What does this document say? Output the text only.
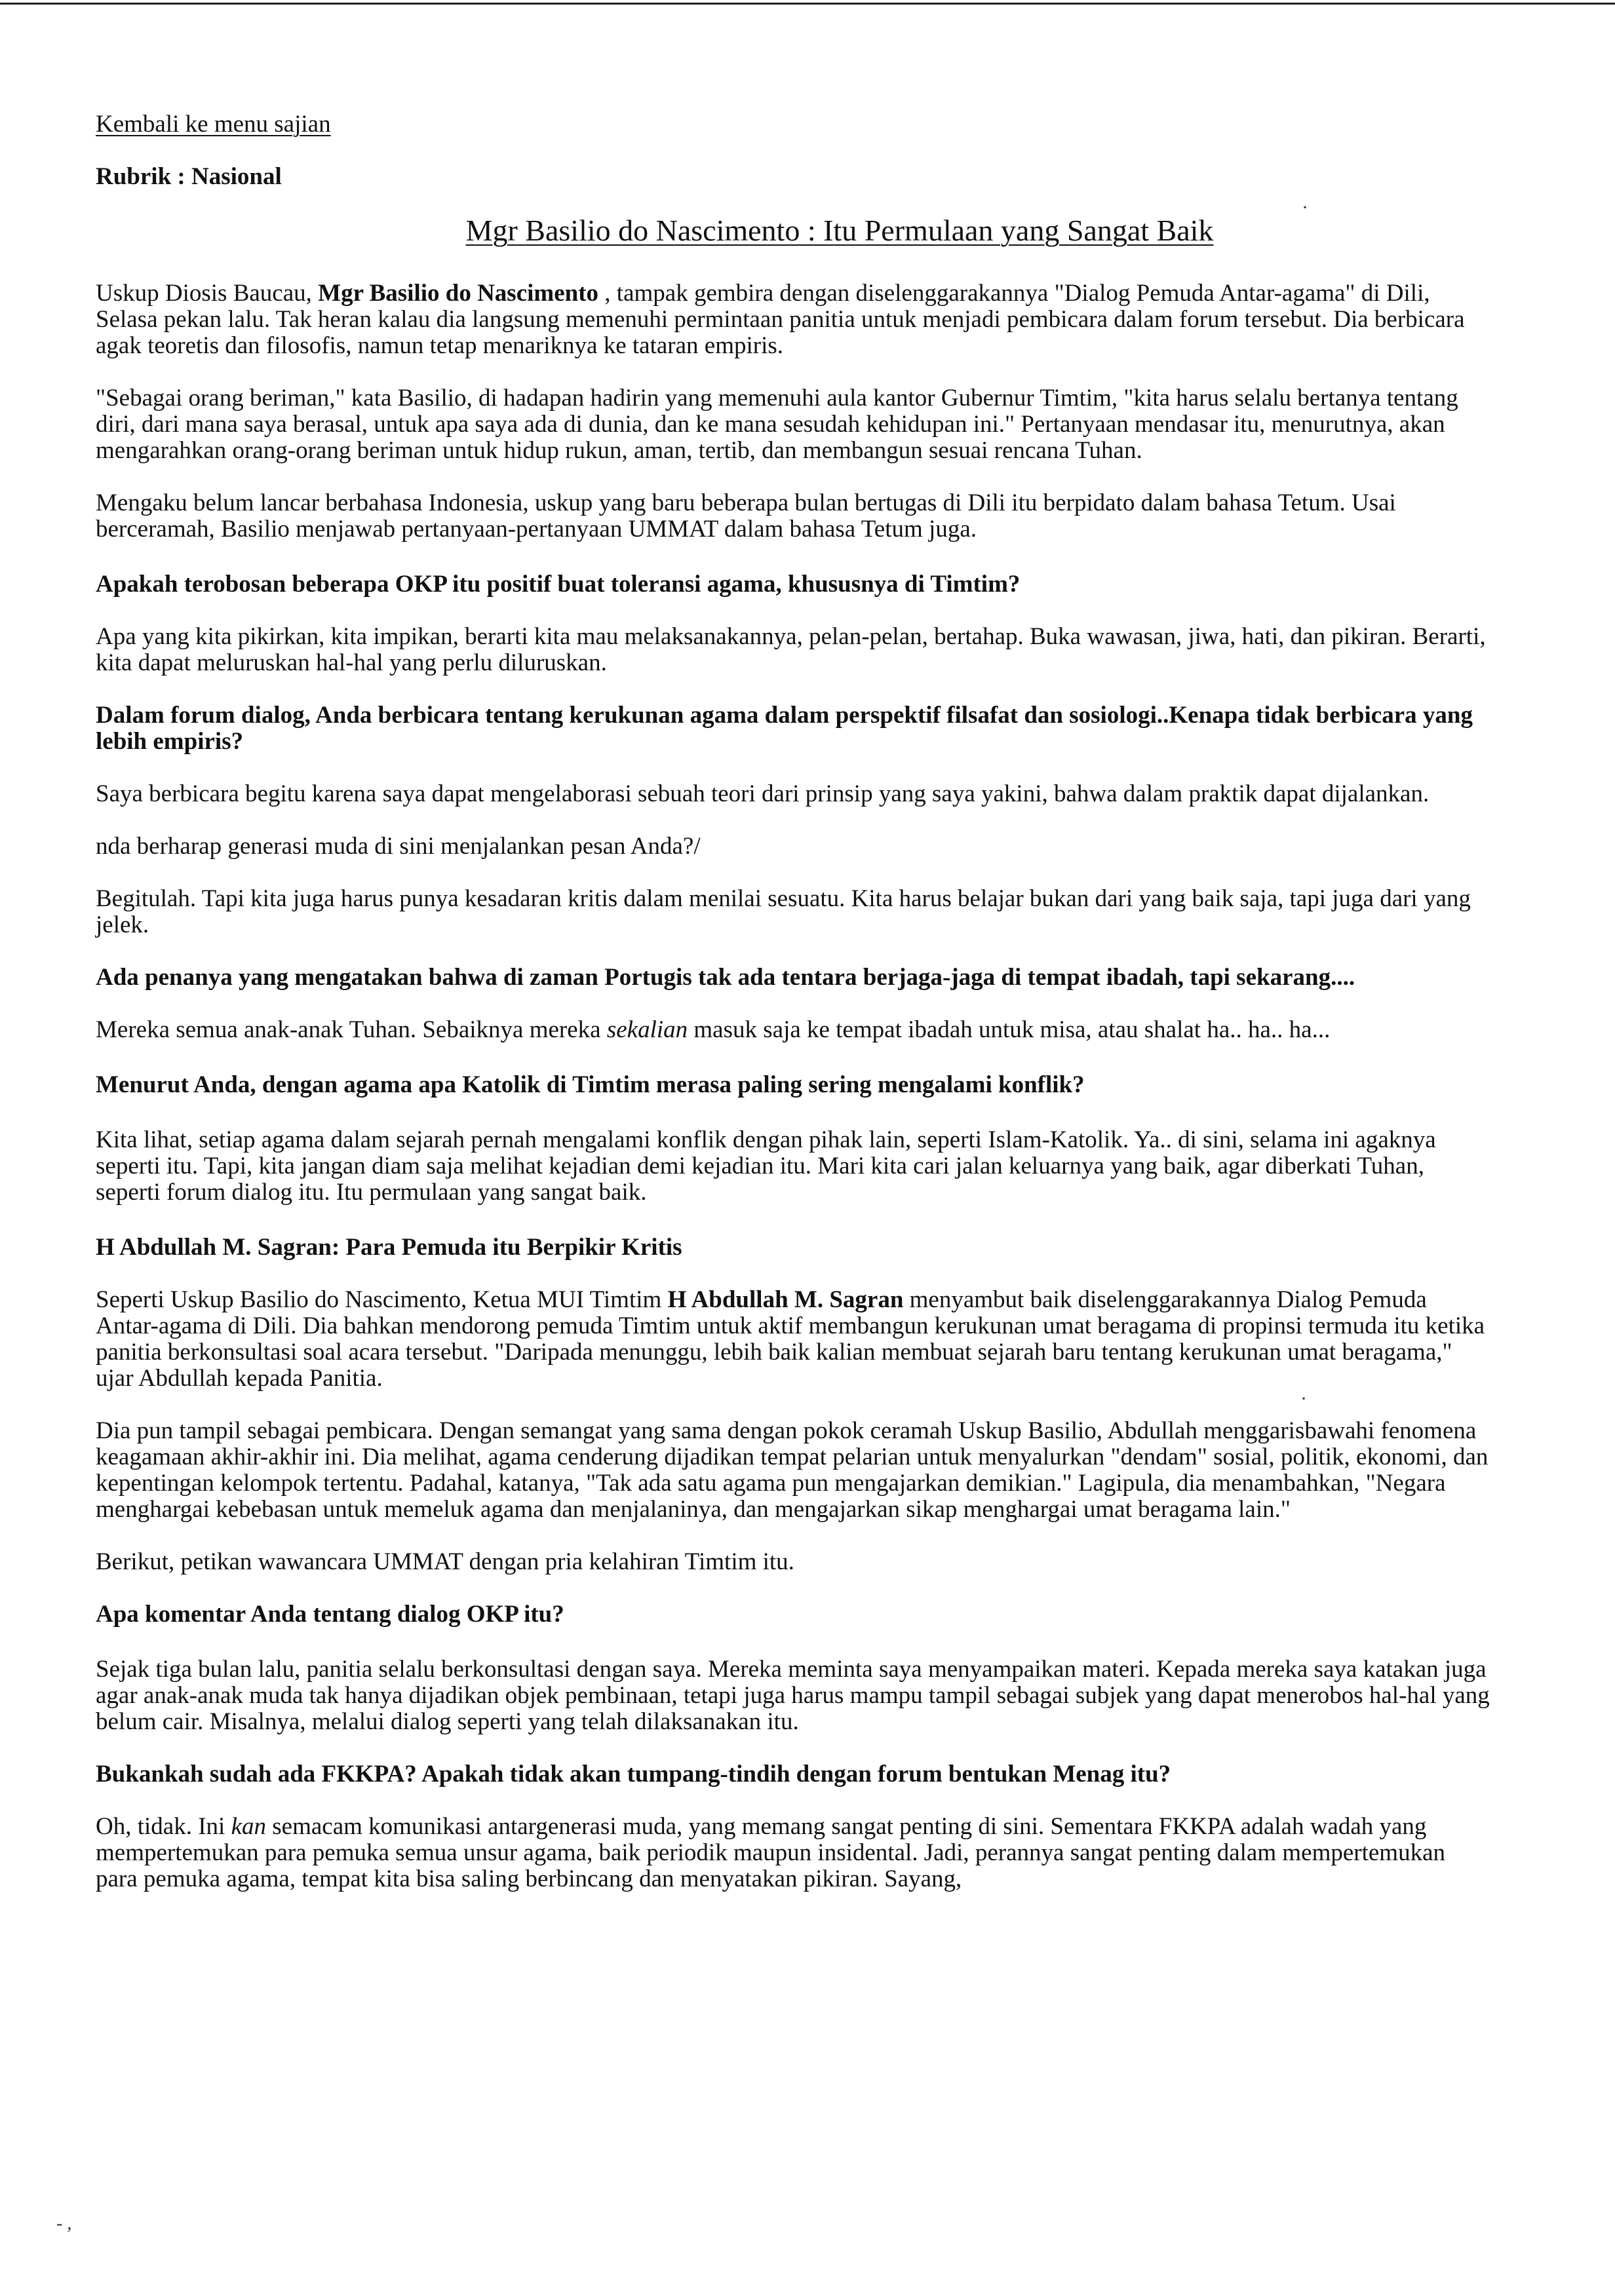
Kembali ke menu sajian
Rubrik : Nasional
Mgr Basilio do Nascimento : Itu Permulaan yang Sangat Baik

Uskup Diosis Baucau, Mgr Basilio do Nascimento , tampak gembira dengan diselenggarakannya "Dialog Pemuda Antar-agama" di Dili, Selasa pekan lalu. Tak heran kalau dia langsung memenuhi permintaan panitia untuk menjadi pembicara dalam forum tersebut. Dia berbicara agak teoretis dan filosofis, namun tetap menariknya ke tataran empiris.

"Sebagai orang beriman," kata Basilio, di hadapan hadirin yang memenuhi aula kantor Gubernur Timtim, "kita harus selalu bertanya tentang diri, dari mana saya berasal, untuk apa saya ada di dunia, dan ke mana sesudah kehidupan ini." Pertanyaan mendasar itu, menurutnya, akan mengarahkan orang-orang beriman untuk hidup rukun, aman, tertib, dan membangun sesuai rencana Tuhan.

Mengaku belum lancar berbahasa Indonesia, uskup yang baru beberapa bulan bertugas di Dili itu berpidato dalam bahasa Tetum. Usai berceramah, Basilio menjawab pertanyaan-pertanyaan UMMAT dalam bahasa Tetum juga.

Apakah terobosan beberapa OKP itu positif buat toleransi agama, khususnya di Timtim?

Apa yang kita pikirkan, kita impikan, berarti kita mau melaksanakannya, pelan-pelan, bertahap. Buka wawasan, jiwa, hati, dan pikiran. Berarti, kita dapat meluruskan hal-hal yang perlu diluruskan.

Dalam forum dialog, Anda berbicara tentang kerukunan agama dalam perspektif filsafat dan sosiologi..Kenapa tidak berbicara yang lebih empiris?

Saya berbicara begitu karena saya dapat mengelaborasi sebuah teori dari prinsip yang saya yakini, bahwa dalam praktik dapat dijalankan.

nda berharap generasi muda di sini menjalankan pesan Anda?/

Begitulah. Tapi kita juga harus punya kesadaran kritis dalam menilai sesuatu. Kita harus belajar bukan dari yang baik saja, tapi juga dari yang jelek.

Ada penanya yang mengatakan bahwa di zaman Portugis tak ada tentara berjaga-jaga di tempat ibadah, tapi sekarang....

Mereka semua anak-anak Tuhan. Sebaiknya mereka sekalian masuk saja ke tempat ibadah untuk misa, atau shalat ha.. ha.. ha...

Menurut Anda, dengan agama apa Katolik di Timtim merasa paling sering mengalami konflik?

Kita lihat, setiap agama dalam sejarah pernah mengalami konflik dengan pihak lain, seperti Islam-Katolik. Ya.. di sini, selama ini agaknya seperti itu. Tapi, kita jangan diam saja melihat kejadian demi kejadian itu. Mari kita cari jalan keluarnya yang baik, agar diberkati Tuhan, seperti forum dialog itu. Itu permulaan yang sangat baik.

H Abdullah M. Sagran: Para Pemuda itu Berpikir Kritis

Seperti Uskup Basilio do Nascimento, Ketua MUI Timtim H Abdullah M. Sagran menyambut baik diselenggarakannya Dialog Pemuda Antar-agama di Dili. Dia bahkan mendorong pemuda Timtim untuk aktif membangun kerukunan umat beragama di propinsi termuda itu ketika panitia berkonsultasi soal acara tersebut. "Daripada menunggu, lebih baik kalian membuat sejarah baru tentang kerukunan umat beragama," ujar Abdullah kepada Panitia.

Dia pun tampil sebagai pembicara. Dengan semangat yang sama dengan pokok ceramah Uskup Basilio, Abdullah menggarisbawahi fenomena keagamaan akhir-akhir ini. Dia melihat, agama cenderung dijadikan tempat pelarian untuk menyalurkan "dendam" sosial, politik, ekonomi, dan kepentingan kelompok tertentu. Padahal, katanya, "Tak ada satu agama pun mengajarkan demikian." Lagipula, dia menambahkan, "Negara menghargai kebebasan untuk memeluk agama dan menjalaninya, dan mengajarkan sikap menghargai umat beragama lain."

Berikut, petikan wawancara UMMAT dengan pria kelahiran Timtim itu.

Apa komentar Anda tentang dialog OKP itu?

Sejak tiga bulan lalu, panitia selalu berkonsultasi dengan saya. Mereka meminta saya menyampaikan materi. Kepada mereka saya katakan juga agar anak-anak muda tak hanya dijadikan objek pembinaan, tetapi juga harus mampu tampil sebagai subjek yang dapat menerobos hal-hal yang belum cair. Misalnya, melalui dialog seperti yang telah dilaksanakan itu.

Bukankah sudah ada FKKPA? Apakah tidak akan tumpang-tindih dengan forum bentukan Menag itu?

Oh, tidak. Ini kan semacam komunikasi antargenerasi muda, yang memang sangat penting di sini. Sementara FKKPA adalah wadah yang mempertemukan para pemuka semua unsur agama, baik periodik maupun insidental. Jadi, perannya sangat penting dalam mempertemukan para pemuka agama, tempat kita bisa saling berbincang dan menyatakan pikiran. Sayang,

·
·
- ,
